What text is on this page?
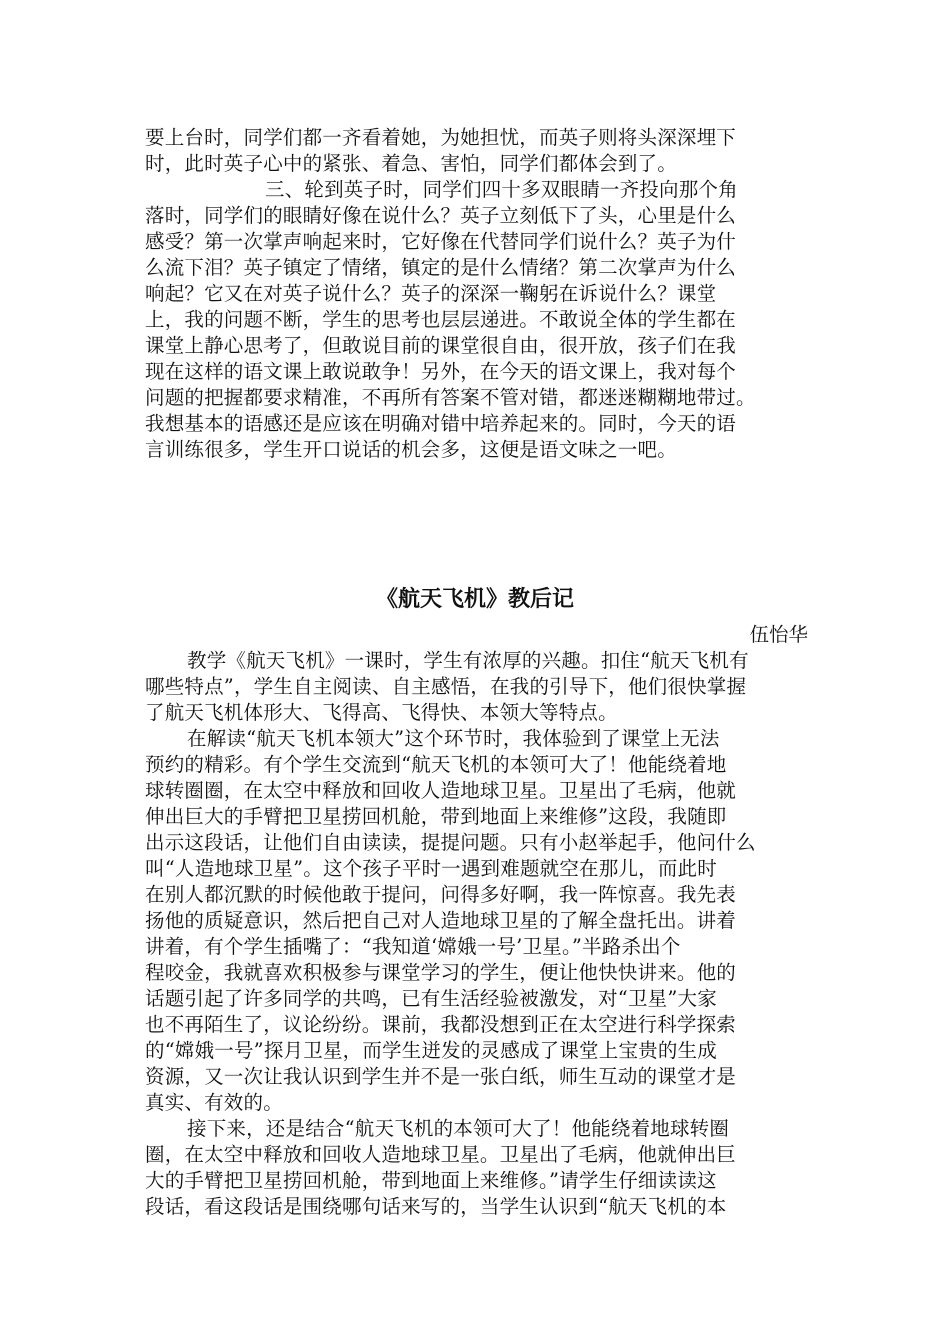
要上台时，同学们都一齐看着她，为她担忧，而英子则将头深深埋下
时，此时英子心中的紧张、着急、害怕，同学们都体会到了。
三、轮到英子时，同学们四十多双眼睛一齐投向那个角
落时，同学们的眼睛好像在说什么？英子立刻低下了头，心里是什么
感受？第一次掌声响起来时，它好像在代替同学们说什么？英子为什
么流下泪？英子镇定了情绪，镇定的是什么情绪？第二次掌声为什么
响起？它又在对英子说什么？英子的深深一鞠躬在诉说什么？课堂
上，我的问题不断，学生的思考也层层递进。不敢说全体的学生都在
课堂上静心思考了，但敢说目前的课堂很自由，很开放，孩子们在我
现在这样的语文课上敢说敢争！另外，在今天的语文课上，我对每个
问题的把握都要求精准，不再所有答案不管对错，都迷迷糊糊地带过。
我想基本的语感还是应该在明确对错中培养起来的。同时，今天的语
言训练很多，学生开口说话的机会多，这便是语文味之一吧。
《航天飞机》教后记
伍怡华
教学《航天飞机》一课时，学生有浓厚的兴趣。扣住“航天飞机有
哪些特点”，学生自主阅读、自主感悟，在我的引导下，他们很快掌握
了航天飞机体形大、飞得高、飞得快、本领大等特点。
在解读“航天飞机本领大”这个环节时，我体验到了课堂上无法
预约的精彩。有个学生交流到“航天飞机的本领可大了！他能绕着地
球转圈圈，在太空中释放和回收人造地球卫星。卫星出了毛病，他就
伸出巨大的手臂把卫星捞回机舱，带到地面上来维修”这段，我随即
出示这段话，让他们自由读读，提提问题。只有小赵举起手，他问什么
叫“人造地球卫星”。这个孩子平时一遇到难题就空在那儿，而此时
在别人都沉默的时候他敢于提问，问得多好啊，我一阵惊喜。我先表
扬他的质疑意识，然后把自己对人造地球卫星的了解全盘托出。讲着
讲着，有个学生插嘴了：“我知道‘嫦娥一号’卫星。”半路杀出个
程咬金，我就喜欢积极参与课堂学习的学生，便让他快快讲来。他的
话题引起了许多同学的共鸣，已有生活经验被激发，对“卫星”大家
也不再陌生了，议论纷纷。课前，我都没想到正在太空进行科学探索
的“嫦娥一号”探月卫星，而学生迸发的灵感成了课堂上宝贵的生成
资源，又一次让我认识到学生并不是一张白纸，师生互动的课堂才是
真实、有效的。
接下来，还是结合“航天飞机的本领可大了！他能绕着地球转圈
圈，在太空中释放和回收人造地球卫星。卫星出了毛病，他就伸出巨
大的手臂把卫星捞回机舱，带到地面上来维修。”请学生仔细读读这
段话，看这段话是围绕哪句话来写的，当学生认识到“航天飞机的本
